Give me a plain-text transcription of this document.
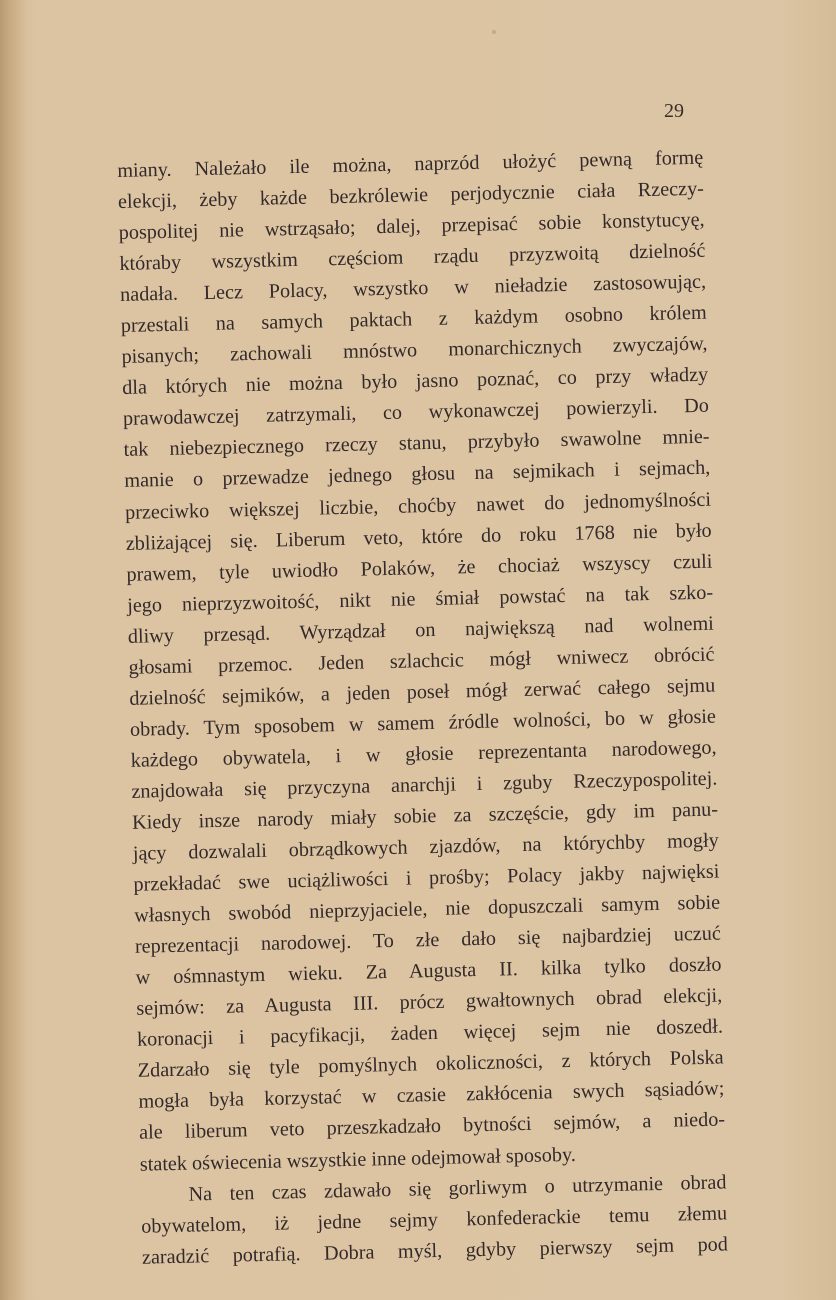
29
miany. Należało ile można, naprzód ułożyć pewną formę
elekcji, żeby każde bezkrólewie perjodycznie ciała Rzeczy-
pospolitej nie wstrząsało; dalej, przepisać sobie konstytucyę,
któraby wszystkim częściom rządu przyzwoitą dzielność
nadała. Lecz Polacy, wszystko w nieładzie zastosowując,
przestali na samych paktach z każdym osobno królem
pisanych; zachowali mnóstwo monarchicznych zwyczajów,
dla których nie można było jasno poznać, co przy władzy
prawodawczej zatrzymali, co wykonawczej powierzyli. Do
tak niebezpiecznego rzeczy stanu, przybyło swawolne mnie-
manie o przewadze jednego głosu na sejmikach i sejmach,
przeciwko większej liczbie, choćby nawet do jednomyślności
zbliżającej się. Liberum veto, które do roku 1768 nie było
prawem, tyle uwiodło Polaków, że chociaż wszyscy czuli
jego nieprzyzwoitość, nikt nie śmiał powstać na tak szko-
dliwy przesąd. Wyrządzał on największą nad wolnemi
głosami przemoc. Jeden szlachcic mógł wniwecz obrócić
dzielność sejmików, a jeden poseł mógł zerwać całego sejmu
obrady. Tym sposobem w samem źródle wolności, bo w głosie
każdego obywatela, i w głosie reprezentanta narodowego,
znajdowała się przyczyna anarchji i zguby Rzeczypospolitej.
Kiedy insze narody miały sobie za szczęście, gdy im panu-
jący dozwalali obrządkowych zjazdów, na którychby mogły
przekładać swe uciążliwości i prośby; Polacy jakby najwięksi
własnych swobód nieprzyjaciele, nie dopuszczali samym sobie
reprezentacji narodowej. To złe dało się najbardziej uczuć
w ośmnastym wieku. Za Augusta II. kilka tylko doszło
sejmów: za Augusta III. prócz gwałtownych obrad elekcji,
koronacji i pacyfikacji, żaden więcej sejm nie doszedł.
Zdarzało się tyle pomyślnych okoliczności, z których Polska
mogła była korzystać w czasie zakłócenia swych sąsiadów;
ale liberum veto przeszkadzało bytności sejmów, a niedo-
statek oświecenia wszystkie inne odejmował sposoby.
Na ten czas zdawało się gorliwym o utrzymanie obrad
obywatelom, iż jedne sejmy konfederackie temu złemu
zaradzić potrafią. Dobra myśl, gdyby pierwszy sejm pod
